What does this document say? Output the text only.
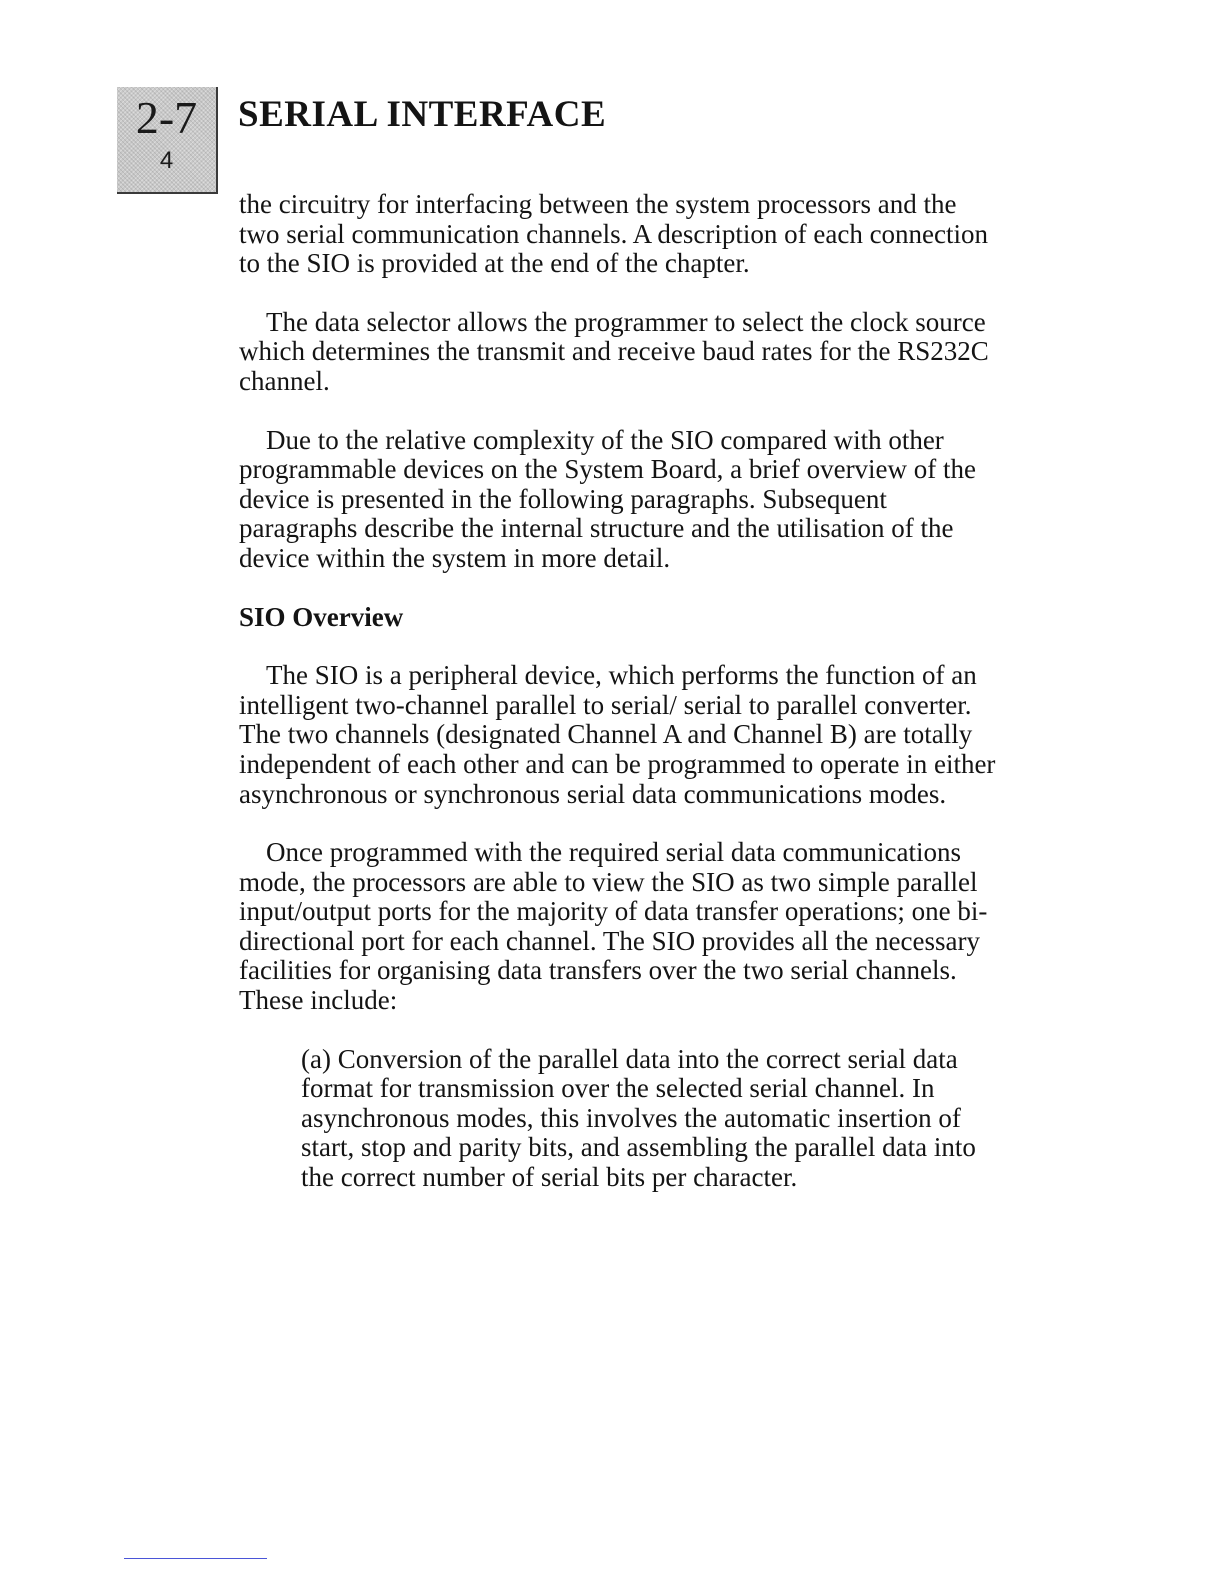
2-7
4
SERIAL INTERFACE

the circuitry for interfacing between the system processors and the two serial communication channels. A description of each connection to the SIO is provided at the end of the chapter.

The data selector allows the programmer to select the clock source which determines the transmit and receive baud rates for the RS232C channel.

Due to the relative complexity of the SIO compared with other programmable devices on the System Board, a brief overview of the device is presented in the following paragraphs. Subsequent paragraphs describe the internal structure and the utilisation of the device within the system in more detail.

SIO Overview

The SIO is a peripheral device, which performs the function of an intelligent two-channel parallel to serial/ serial to parallel converter. The two channels (designated Channel A and Channel B) are totally independent of each other and can be programmed to operate in either asynchronous or synchronous serial data communications modes.

Once programmed with the required serial data communications mode, the processors are able to view the SIO as two simple parallel input/output ports for the majority of data transfer operations; one bi-directional port for each channel. The SIO provides all the necessary facilities for organising data transfers over the two serial channels. These include:

(a) Conversion of the parallel data into the correct serial data format for transmission over the selected serial channel. In asynchronous modes, this involves the automatic insertion of start, stop and parity bits, and assembling the parallel data into the correct number of serial bits per character.
